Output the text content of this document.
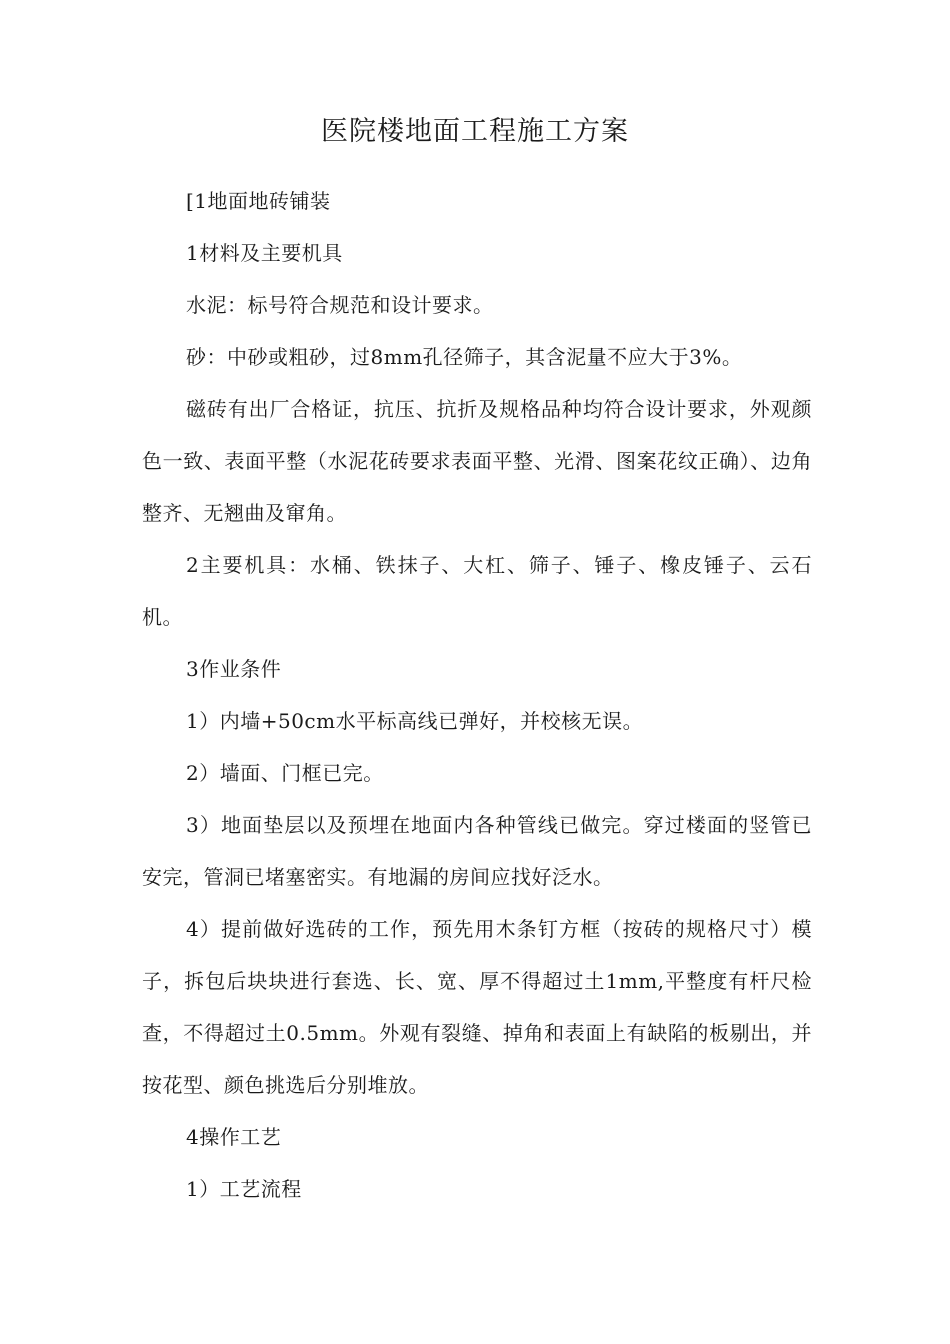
医院楼地面工程施工方案

[1地面地砖铺装

1材料及主要机具

水泥：标号符合规范和设计要求。

砂：中砂或粗砂，过8mm孔径筛子，其含泥量不应大于3%。

磁砖有出厂合格证，抗压、抗折及规格品种均符合设计要求，外观颜色一致、表面平整（水泥花砖要求表面平整、光滑、图案花纹正确）、边角整齐、无翘曲及窜角。

2主要机具：水桶、铁抹子、大杠、筛子、锤子、橡皮锤子、云石机。

3作业条件

1）内墙+50cm水平标高线已弹好，并校核无误。

2）墙面、门框已完。

3）地面垫层以及预埋在地面内各种管线已做完。穿过楼面的竖管已安完，管洞已堵塞密实。有地漏的房间应找好泛水。

4）提前做好选砖的工作，预先用木条钉方框（按砖的规格尺寸）模子，拆包后块块进行套选、长、宽、厚不得超过土1mm,平整度有杆尺检查，不得超过土0.5mm。外观有裂缝、掉角和表面上有缺陷的板剔出，并按花型、颜色挑选后分别堆放。

4操作工艺

1）工艺流程
